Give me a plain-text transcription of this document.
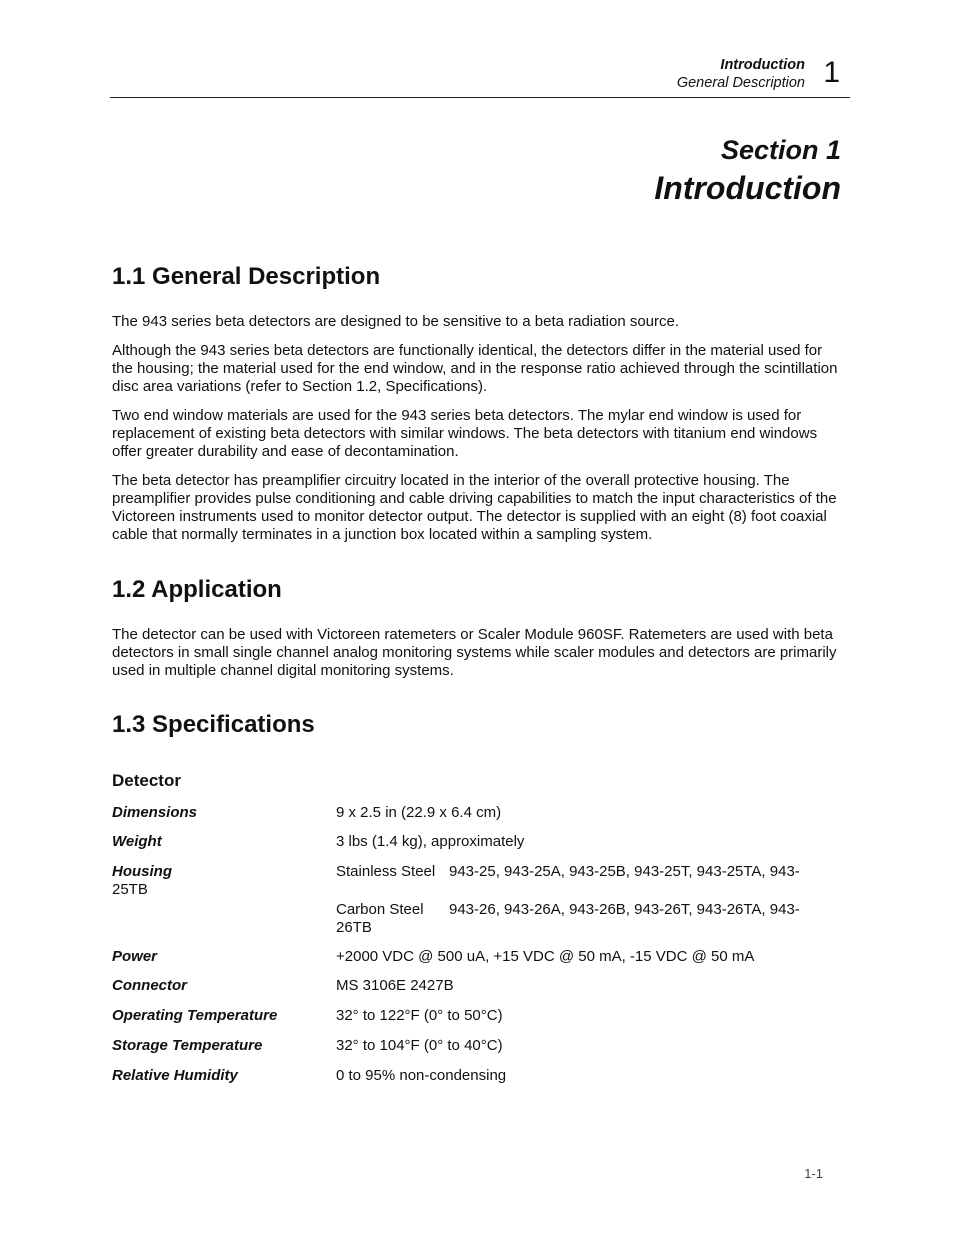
Introduction
General Description 1
Section 1
Introduction
1.1 General Description

The 943 series beta detectors are designed to be sensitive to a beta radiation source.

Although the 943 series beta detectors are functionally identical, the detectors differ in the material used for the housing; the material used for the end window, and in the response ratio achieved through the scintillation disc area variations (refer to Section 1.2, Specifications).

Two end window materials are used for the 943 series beta detectors. The mylar end window is used for replacement of existing beta detectors with similar windows. The beta detectors with titanium end windows offer greater durability and ease of decontamination.

The beta detector has preamplifier circuitry located in the interior of the overall protective housing. The preamplifier provides pulse conditioning and cable driving capabilities to match the input characteristics of the Victoreen instruments used to monitor detector output. The detector is supplied with an eight (8) foot coaxial cable that normally terminates in a junction box located within a sampling system.

1.2 Application

The detector can be used with Victoreen ratemeters or Scaler Module 960SF. Ratemeters are used with beta detectors in small single channel analog monitoring systems while scaler modules and detectors are primarily used in multiple channel digital monitoring systems.

1.3 Specifications
Detector
Dimensions	9 x 2.5 in (22.9 x 6.4 cm)
Weight	3 lbs (1.4 kg), approximately
Housing	Stainless Steel 943-25, 943-25A, 943-25B, 943-25T, 943-25TA, 943-
25TB
Carbon Steel 943-26, 943-26A, 943-26B, 943-26T, 943-26TA, 943-
26TB
Power	+2000 VDC @ 500 uA, +15 VDC @ 50 mA, -15 VDC @ 50 mA
Connector	MS 3106E 2427B
Operating Temperature	32° to 122°F (0° to 50°C)
Storage Temperature	32° to 104°F (0° to 40°C)
Relative Humidity	0 to 95% non-condensing
1-1
